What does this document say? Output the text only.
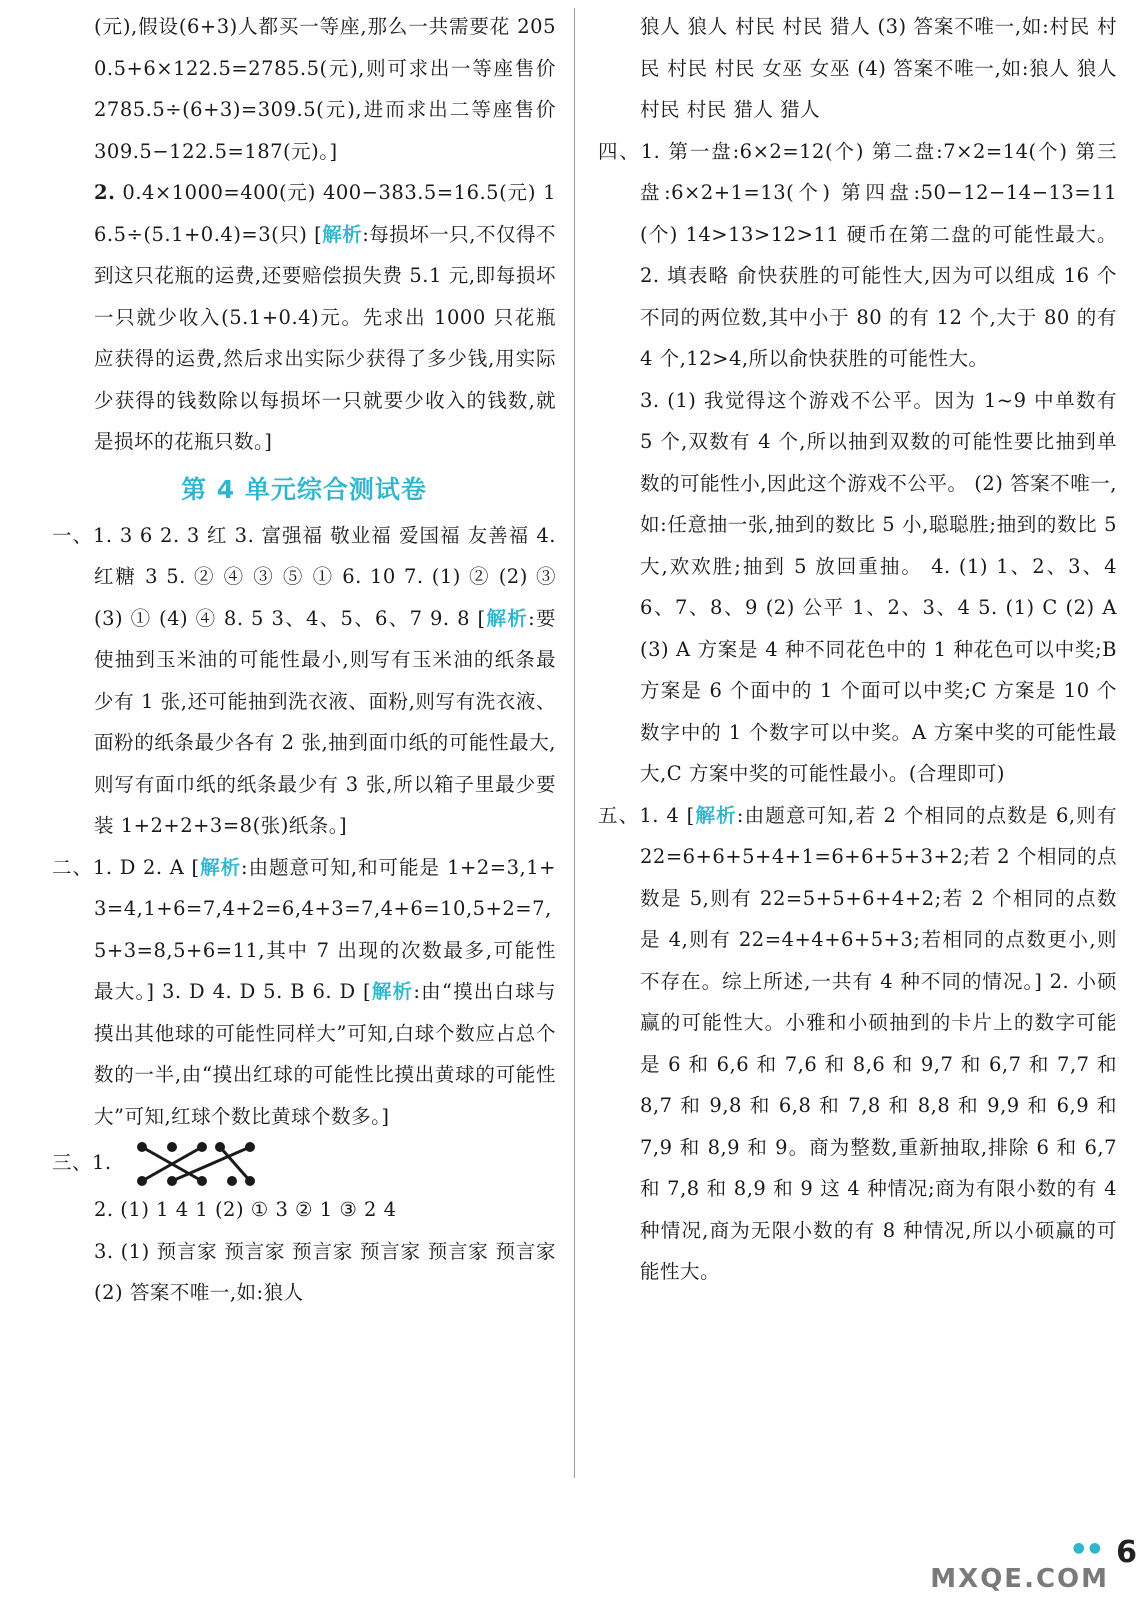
(元),假设(6+3)人都买一等座,那么一共需要花 2050.5+6×122.5=2785.5(元),则可求出一等座售价 2785.5÷(6+3)=309.5(元),进而求出二等座售价 309.5−122.5=187(元)。]

2. 0.4×1000=400(元) 400−383.5=16.5(元) 16.5÷(5.1+0.4)=3(只) [解析:每损坏一只,不仅得不到这只花瓶的运费,还要赔偿损失费 5.1 元,即每损坏一只就少收入(5.1+0.4)元。先求出 1000 只花瓶应获得的运费,然后求出实际少获得了多少钱,用实际少获得的钱数除以每损坏一只就要少收入的钱数,就是损坏的花瓶只数。]

第 4 单元综合测试卷

一、1. 3 6 2. 3 红 3. 富强福 敬业福 爱国福 友善福 4. 红糖 3 5. ② ④ ③ ⑤ ① 6. 10 7. (1) ② (2) ③ (3) ① (4) ④ 8. 5 3、4、5、6、7 9. 8 [解析:要使抽到玉米油的可能性最小,则写有玉米油的纸条最少有 1 张,还可能抽到洗衣液、面粉,则写有洗衣液、面粉的纸条最少各有 2 张,抽到面巾纸的可能性最大,则写有面巾纸的纸条最少有 3 张,所以箱子里最少要装 1+2+2+3=8(张)纸条。]

二、1. D 2. A [解析:由题意可知,和可能是 1+2=3,1+3=4,1+6=7,4+2=6,4+3=7,4+6=10,5+2=7,5+3=8,5+6=11,其中 7 出现的次数最多,可能性最大。] 3. D 4. D 5. B 6. D [解析:由“摸出白球与摸出其他球的可能性同样大”可知,白球个数应占总个数的一半,由“摸出红球的可能性比摸出黄球的可能性大”可知,红球个数比黄球个数多。]

三、1.

2. (1) 1 4 1 (2) ① 3 ② 1 ③ 2 4

3. (1) 预言家 预言家 预言家 预言家 预言家 预言家 (2) 答案不唯一,如:狼人

狼人 狼人 村民 村民 猎人 (3) 答案不唯一,如:村民 村民 村民 村民 女巫 女巫 (4) 答案不唯一,如:狼人 狼人 村民 村民 猎人 猎人

四、1. 第一盘:6×2=12(个) 第二盘:7×2=14(个) 第三盘:6×2+1=13(个) 第四盘:50−12−14−13=11(个) 14>13>12>11 硬币在第二盘的可能性最大。 2. 填表略 俞快获胜的可能性大,因为可以组成 16 个不同的两位数,其中小于 80 的有 12 个,大于 80 的有 4 个,12>4,所以俞快获胜的可能性大。

3. (1) 我觉得这个游戏不公平。因为 1~9 中单数有 5 个,双数有 4 个,所以抽到双数的可能性要比抽到单数的可能性小,因此这个游戏不公平。 (2) 答案不唯一,如:任意抽一张,抽到的数比 5 小,聪聪胜;抽到的数比 5 大,欢欢胜;抽到 5 放回重抽。 4. (1) 1、2、3、4 6、7、8、9 (2) 公平 1、2、3、4 5. (1) C (2) A (3) A 方案是 4 种不同花色中的 1 种花色可以中奖;B 方案是 6 个面中的 1 个面可以中奖;C 方案是 10 个数字中的 1 个数字可以中奖。A 方案中奖的可能性最大,C 方案中奖的可能性最小。(合理即可)

五、1. 4 [解析:由题意可知,若 2 个相同的点数是 6,则有 22=6+6+5+4+1=6+6+5+3+2;若 2 个相同的点数是 5,则有 22=5+5+6+4+2;若 2 个相同的点数是 4,则有 22=4+4+6+5+3;若相同的点数更小,则不存在。综上所述,一共有 4 种不同的情况。] 2. 小硕赢的可能性大。小雅和小硕抽到的卡片上的数字可能是 6 和 6,6 和 7,6 和 8,6 和 9,7 和 6,7 和 7,7 和 8,7 和 9,8 和 6,8 和 7,8 和 8,8 和 9,9 和 6,9 和 7,9 和 8,9 和 9。商为整数,重新抽取,排除 6 和 6,7 和 7,8 和 8,9 和 9 这 4 种情况;商为有限小数的有 4 种情况,商为无限小数的有 8 种情况,所以小硕赢的可能性大。

●● 6
MXQE.COM
